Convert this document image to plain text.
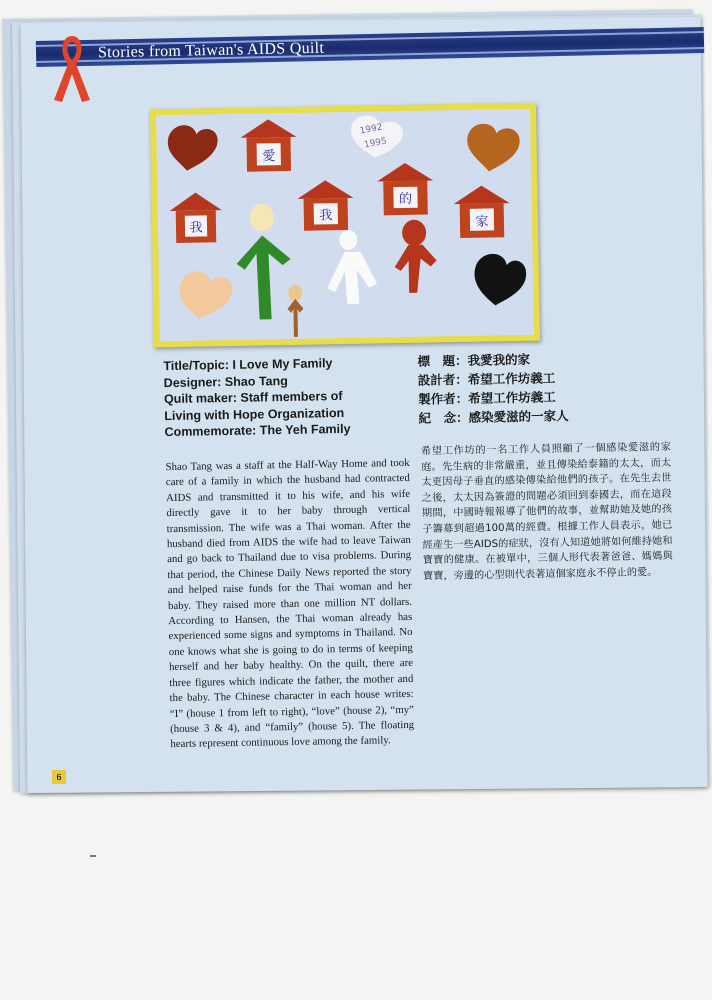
Stories from Taiwan's AIDS Quilt
1992
1995
愛
我
我
的
家
Title/Topic: I Love My Family
Designer: Shao Tang
Quilt maker: Staff members of
Living with Hope Organization
Commemorate: The Yeh Family
標　題：我愛我的家
設計者：希望工作坊義工
製作者：希望工作坊義工
紀　念：感染愛滋的一家人
Shao Tang was a staff at the Half-Way Home and took care of a family in which the husband had contracted AIDS and transmitted it to his wife, and his wife directly gave it to her baby through vertical transmission. The wife was a Thai woman. After the husband died from AIDS the wife had to leave Taiwan and go back to Thailand due to visa problems. During that period, the Chinese Daily News reported the story and helped raise funds for the Thai woman and her baby. They raised more than one million NT dollars. According to Hansen, the Thai woman already has experienced some signs and symptoms in Thailand. No one knows what she is going to do in terms of keeping herself and her baby healthy. On the quilt, there are three figures which indicate the father, the mother and the baby. The Chinese character in each house writes: “I” (house 1 from left to right), “love” (house 2), “my” (house 3 & 4), and “family” (house 5). The floating hearts represent continuous love among the family.
希望工作坊的一名工作人員照顧了一個感染愛滋的家庭。先生病的非常嚴重，並且傳染給泰籍的太太，而太太更因母子垂直的感染傳染給他們的孩子。在先生去世之後，太太因為簽證的問題必須回到泰國去，而在這段期間，中國時報報導了他們的故事，並幫助她及她的孩子籌募到超過100萬的經費。根據工作人員表示，她已經產生一些AIDS的症狀，沒有人知道她將如何維持她和寶寶的健康。在被單中，三個人形代表著爸爸、媽媽與寶寶，旁邊的心型則代表著這個家庭永不停止的愛。
6
